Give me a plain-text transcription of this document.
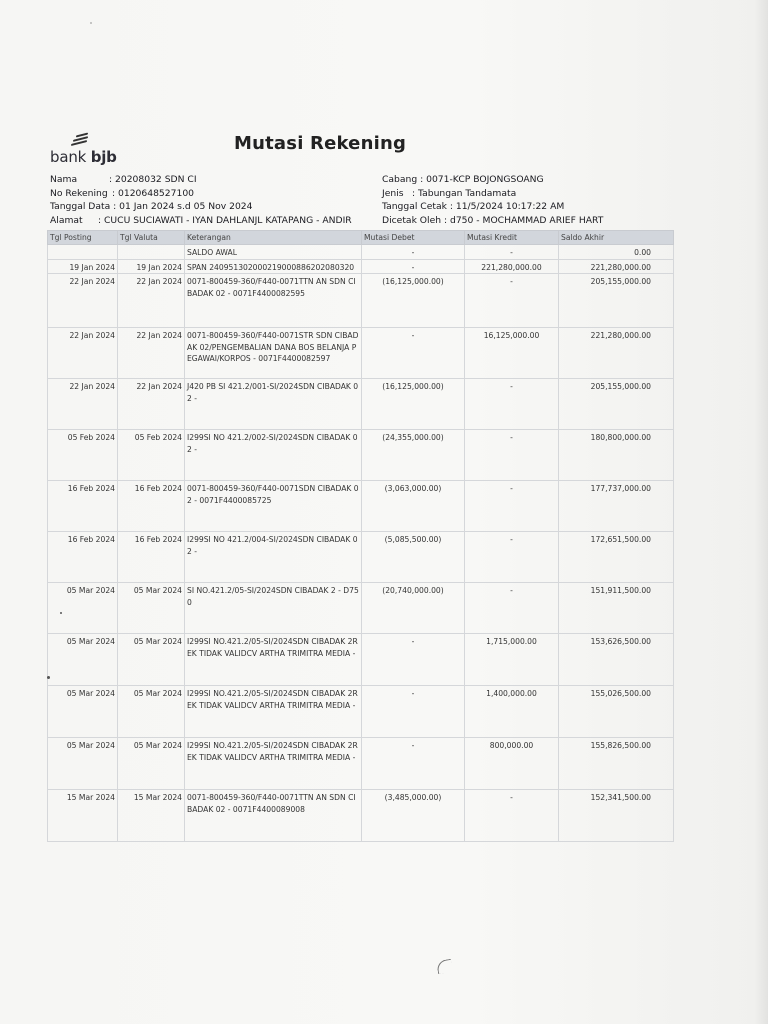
bank bjb
Mutasi Rekening
Nama	: 20208032 SDN CI
No Rekening : 0120648527100
Tanggal Data : 01 Jan 2024 s.d 05 Nov 2024
Alamat : CUCU SUCIAWATI - IYAN DAHLANJL KATAPANG - ANDIR
Cabang : 0071-KCP BOJONGSOANG
Jenis : Tabungan Tandamata
Tanggal Cetak : 11/5/2024 10:17:22 AM
Dicetak Oleh : d750 - MOCHAMMAD ARIEF HART
Tgl Posting	Tgl Valuta	Keterangan	Mutasi Debet	Mutasi Kredit	Saldo Akhir
		SALDO AWAL	-	-	0.00
19 Jan 2024	19 Jan 2024	SPAN 240951302000219000886202080320	-	221,280,000.00	221,280,000.00
22 Jan 2024	22 Jan 2024	0071-800459-360/F440-0071TTN AN SDN CIBADAK 02 - 0071F4400082595	(16,125,000.00)	-	205,155,000.00
22 Jan 2024	22 Jan 2024	0071-800459-360/F440-0071STR SDN CIBADAK 02/PENGEMBALIAN DANA BOS BELANJA PEGAWAI/KORPOS - 0071F4400082597	-	16,125,000.00	221,280,000.00
22 Jan 2024	22 Jan 2024	J420 PB SI 421.2/001-SI/2024SDN CIBADAK 02 -	(16,125,000.00)	-	205,155,000.00
05 Feb 2024	05 Feb 2024	I299SI NO 421.2/002-SI/2024SDN CIBADAK 02 -	(24,355,000.00)	-	180,800,000.00
16 Feb 2024	16 Feb 2024	0071-800459-360/F440-0071SDN CIBADAK 02 - 0071F4400085725	(3,063,000.00)	-	177,737,000.00
16 Feb 2024	16 Feb 2024	I299SI NO 421.2/004-SI/2024SDN CIBADAK 02 -	(5,085,500.00)	-	172,651,500.00
05 Mar 2024	05 Mar 2024	SI NO.421.2/05-SI/2024SDN CIBADAK 2 - D750	(20,740,000.00)	-	151,911,500.00
05 Mar 2024	05 Mar 2024	I299SI NO.421.2/05-SI/2024SDN CIBADAK 2REK TIDAK VALIDCV ARTHA TRIMITRA MEDIA -	-	1,715,000.00	153,626,500.00
05 Mar 2024	05 Mar 2024	I299SI NO.421.2/05-SI/2024SDN CIBADAK 2REK TIDAK VALIDCV ARTHA TRIMITRA MEDIA -	-	1,400,000.00	155,026,500.00
05 Mar 2024	05 Mar 2024	I299SI NO.421.2/05-SI/2024SDN CIBADAK 2REK TIDAK VALIDCV ARTHA TRIMITRA MEDIA -	-	800,000.00	155,826,500.00
15 Mar 2024	15 Mar 2024	0071-800459-360/F440-0071TTN AN SDN CIBADAK 02 - 0071F4400089008	(3,485,000.00)	-	152,341,500.00
